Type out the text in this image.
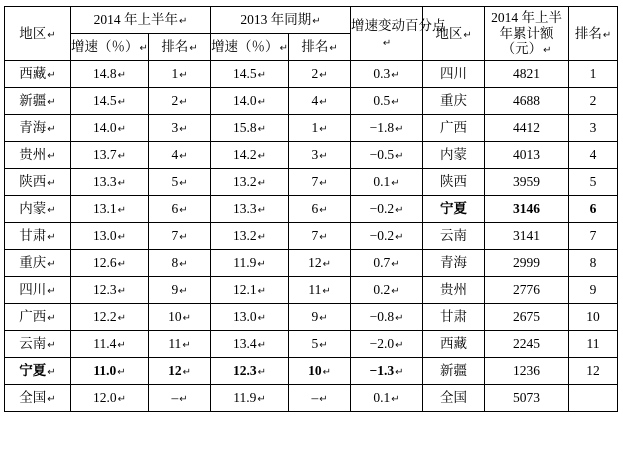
地区↵	2014 年上半年↵		2013 年同期↵		增速变动百分点↵	地区↵	2014 年上半年累计额（元）↵	排名↵
	增速（％）↵	排名↵	增速（％）↵	排名↵				
西藏↵	14.8↵	1↵	14.5↵	2↵	0.3↵	四川	4821	1
新疆↵	14.5↵	2↵	14.0↵	4↵	0.5↵	重庆	4688	2
青海↵	14.0↵	3↵	15.8↵	1↵	−1.8↵	广西	4412	3
贵州↵	13.7↵	4↵	14.2↵	3↵	−0.5↵	内蒙	4013	4
陕西↵	13.3↵	5↵	13.2↵	7↵	0.1↵	陕西	3959	5
内蒙↵	13.1↵	6↵	13.3↵	6↵	−0.2↵	宁夏	3146	6
甘肃↵	13.0↵	7↵	13.2↵	7↵	−0.2↵	云南	3141	7
重庆↵	12.6↵	8↵	11.9↵	12↵	0.7↵	青海	2999	8
四川↵	12.3↵	9↵	12.1↵	11↵	0.2↵	贵州	2776	9
广西↵	12.2↵	10↵	13.0↵	9↵	−0.8↵	甘肃	2675	10
云南↵	11.4↵	11↵	13.4↵	5↵	−2.0↵	西藏	2245	11
宁夏↵	11.0↵	12↵	12.3↵	10↵	−1.3↵	新疆	1236	12
全国↵	12.0↵	–↵	11.9↵	–↵	0.1↵	全国	5073	
